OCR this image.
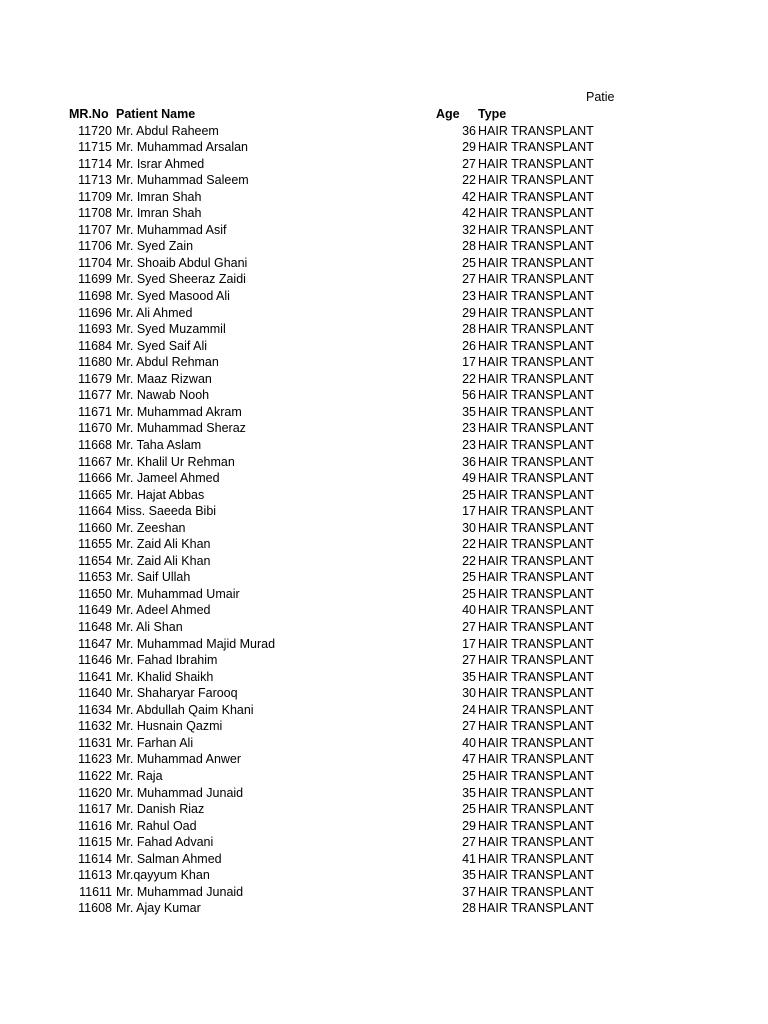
Patie
MR.No Patient Name	Age Type
11720 Mr. Abdul Raheem	36 HAIR TRANSPLANT
11715 Mr. Muhammad Arsalan	29 HAIR TRANSPLANT
11714 Mr. Israr Ahmed	27 HAIR TRANSPLANT
11713 Mr. Muhammad Saleem	22 HAIR TRANSPLANT
11709 Mr. Imran Shah	42 HAIR TRANSPLANT
11708 Mr. Imran Shah	42 HAIR TRANSPLANT
11707 Mr. Muhammad Asif	32 HAIR TRANSPLANT
11706 Mr. Syed Zain	28 HAIR TRANSPLANT
11704 Mr. Shoaib Abdul Ghani	25 HAIR TRANSPLANT
11699 Mr. Syed Sheeraz Zaidi	27 HAIR TRANSPLANT
11698 Mr. Syed Masood Ali	23 HAIR TRANSPLANT
11696 Mr. Ali Ahmed	29 HAIR TRANSPLANT
11693 Mr. Syed Muzammil	28 HAIR TRANSPLANT
11684 Mr. Syed Saif Ali	26 HAIR TRANSPLANT
11680 Mr. Abdul Rehman	17 HAIR TRANSPLANT
11679 Mr. Maaz Rizwan	22 HAIR TRANSPLANT
11677 Mr. Nawab Nooh	56 HAIR TRANSPLANT
11671 Mr. Muhammad Akram	35 HAIR TRANSPLANT
11670 Mr. Muhammad Sheraz	23 HAIR TRANSPLANT
11668 Mr. Taha Aslam	23 HAIR TRANSPLANT
11667 Mr. Khalil Ur Rehman	36 HAIR TRANSPLANT
11666 Mr. Jameel Ahmed	49 HAIR TRANSPLANT
11665 Mr. Hajat Abbas	25 HAIR TRANSPLANT
11664 Miss. Saeeda Bibi	17 HAIR TRANSPLANT
11660 Mr. Zeeshan	30 HAIR TRANSPLANT
11655 Mr. Zaid Ali Khan	22 HAIR TRANSPLANT
11654 Mr. Zaid Ali Khan	22 HAIR TRANSPLANT
11653 Mr. Saif Ullah	25 HAIR TRANSPLANT
11650 Mr. Muhammad Umair	25 HAIR TRANSPLANT
11649 Mr. Adeel Ahmed	40 HAIR TRANSPLANT
11648 Mr. Ali Shan	27 HAIR TRANSPLANT
11647 Mr. Muhammad Majid Murad	17 HAIR TRANSPLANT
11646 Mr. Fahad Ibrahim	27 HAIR TRANSPLANT
11641 Mr. Khalid Shaikh	35 HAIR TRANSPLANT
11640 Mr. Shaharyar Farooq	30 HAIR TRANSPLANT
11634 Mr. Abdullah Qaim Khani	24 HAIR TRANSPLANT
11632 Mr. Husnain Qazmi	27 HAIR TRANSPLANT
11631 Mr. Farhan Ali	40 HAIR TRANSPLANT
11623 Mr. Muhammad Anwer	47 HAIR TRANSPLANT
11622 Mr. Raja	25 HAIR TRANSPLANT
11620 Mr. Muhammad Junaid	35 HAIR TRANSPLANT
11617 Mr. Danish Riaz	25 HAIR TRANSPLANT
11616 Mr. Rahul Oad	29 HAIR TRANSPLANT
11615 Mr. Fahad Advani	27 HAIR TRANSPLANT
11614 Mr. Salman Ahmed	41 HAIR TRANSPLANT
11613 Mr.qayyum Khan	35 HAIR TRANSPLANT
11611 Mr. Muhammad Junaid	37 HAIR TRANSPLANT
11608 Mr. Ajay Kumar	28 HAIR TRANSPLANT
